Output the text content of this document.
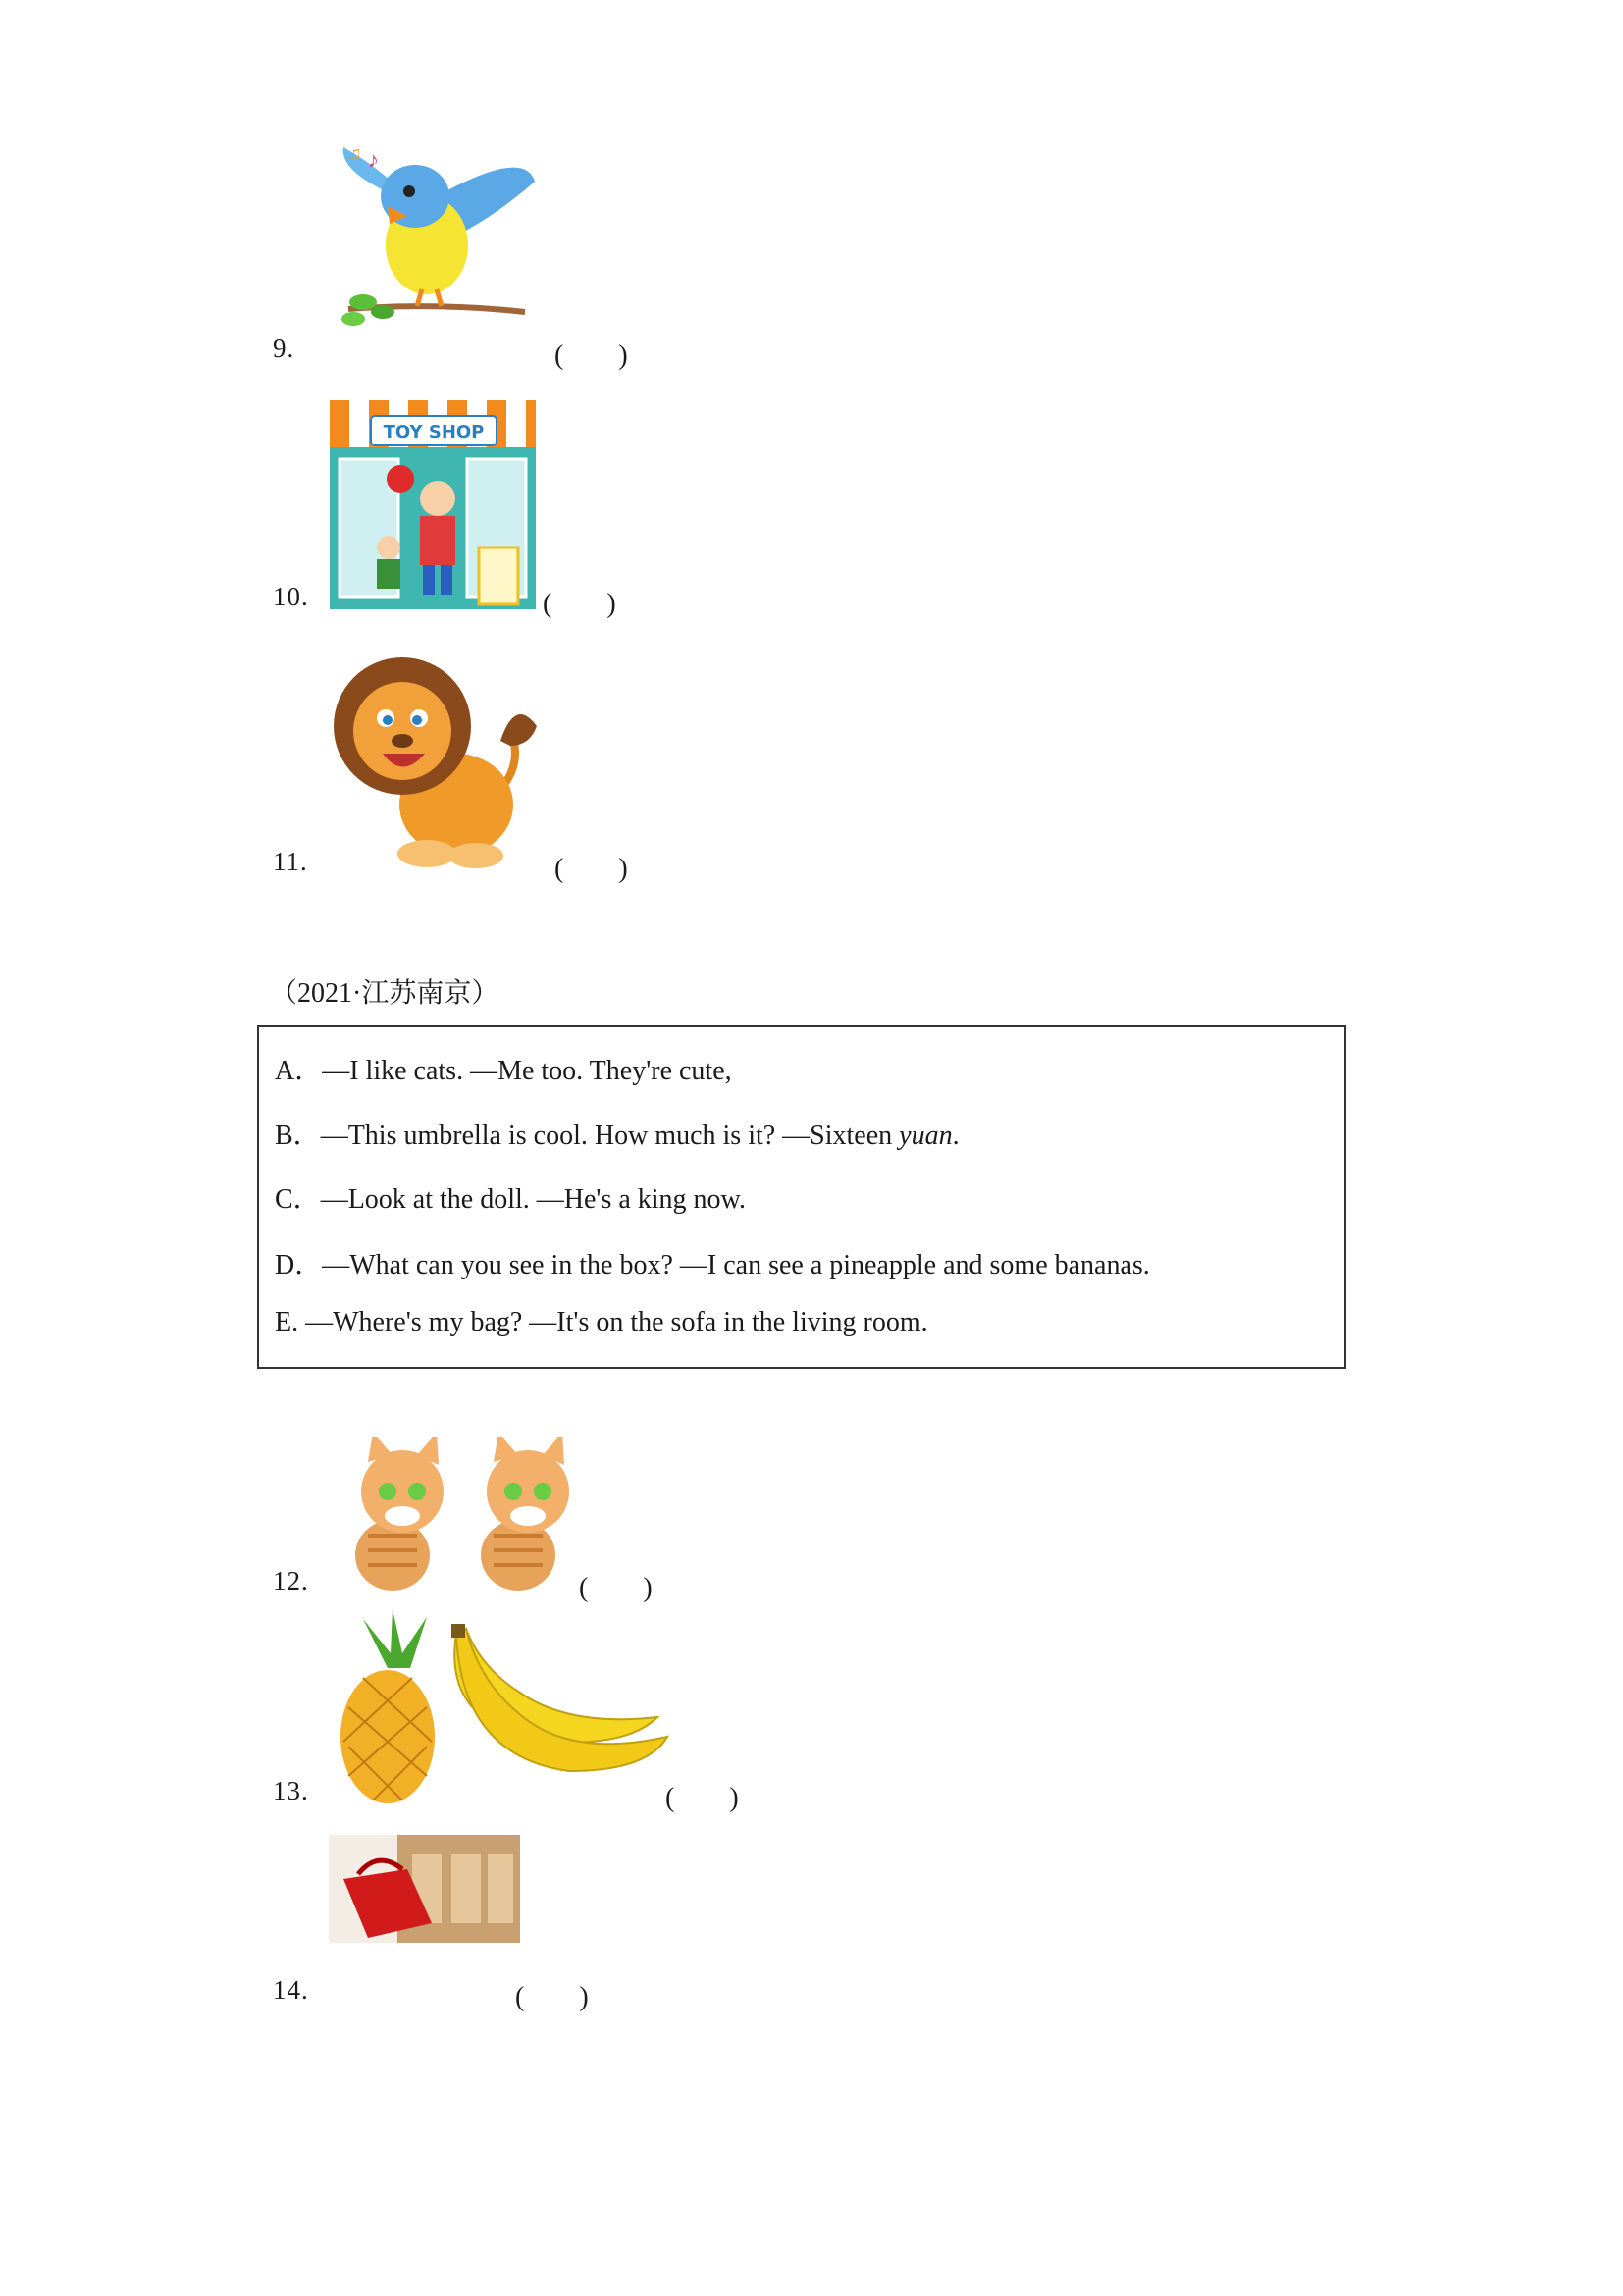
♪
♫
9.	(　　)
TOY SHOP
10.	(　　)
11.	(　　)
（2021·江苏南京）
A．—I like cats. —Me too. They're cute,
B．—This umbrella is cool. How much is it? —Sixteen yuan.
C．—Look at the doll. —He's a king now.
D．—What can you see in the box? —I can see a pineapple and some bananas.
E. —Where's my bag? —It's on the sofa in the living room.
12.	(　　)
13.	(　　)
14.	(　　)
